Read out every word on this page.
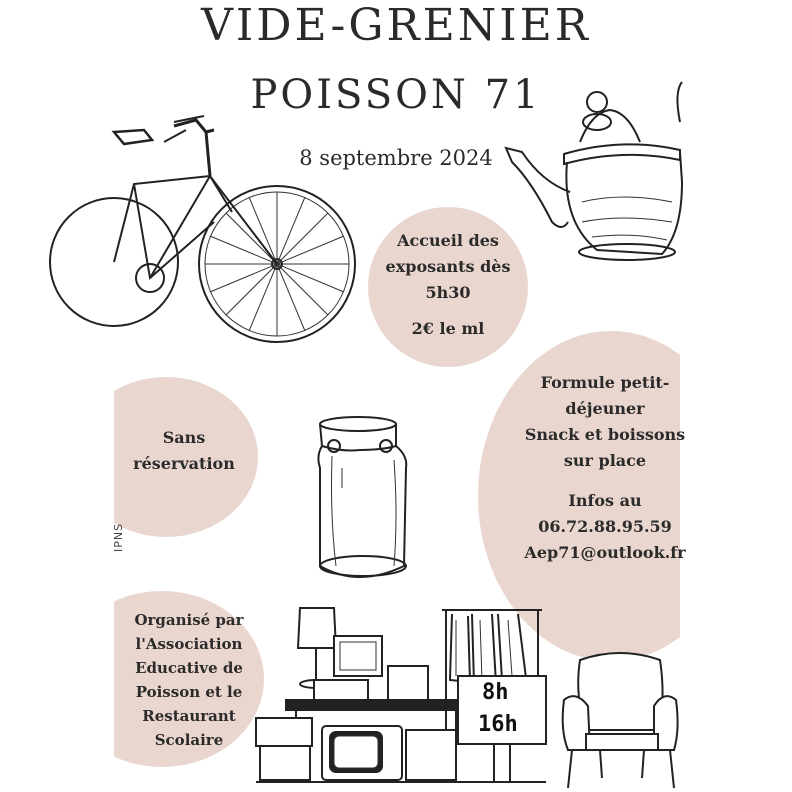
VIDE-GRENIER
POISSON 71
8 septembre 2024
Accueil des
exposants dès
5h30
2€ le ml
Sans
réservation
Formule petit-
déjeuner
Snack et boissons
sur place
Infos au
06.72.88.95.59
Aep71@outlook.fr
Organisé par
l'Association
Educative de
Poisson et le
Restaurant
Scolaire
IPNS
8h
16h
